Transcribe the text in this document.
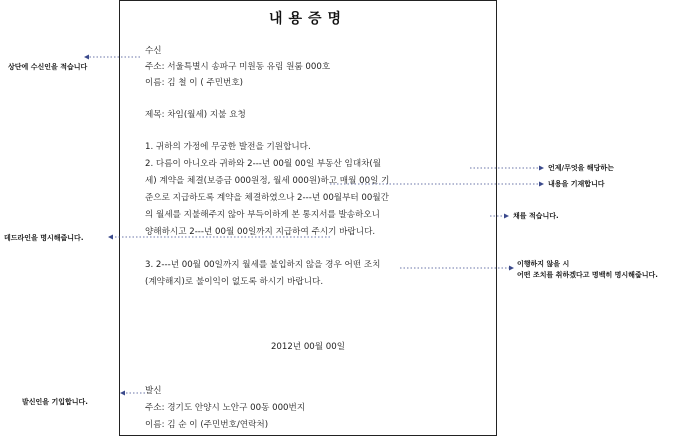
내용증명
수신
주소: 서울특별시 송파구 미원동 유림 원룸 000호
이름: 김 철 이 ( 주민번호)
제목: 차임(월세) 지불 요청
1. 귀하의 가정에 무궁한 발전을 기원합니다.
2. 다름이 아니오라 귀하와 2---년 00월 00일 부동산 임대차(월
세) 계약을 체결(보증금 000원정, 월세 000원)하고 매월 00일 기
준으로 지급하도록 계약을 체결하였으나 2---년 00월부터 00월간
의 월세를 지불해주지 않아 부득이하게 본 통지서를 발송하오니
양해하시고 2---년 00월 00일까지 지급하여 주시기 바랍니다.
3. 2---년 00월 00일까지 월세를 불입하지 않을 경우 어떤 조치
(계약해지)로 불이익이 없도록 하시기 바랍니다.
2012년 00월 00일
발신
주소: 경기도 안양시 노안구 00동 000번지
이름: 김 순 이 (주민번호/연락처)
상단에 수신인을 적습니다
언제/무엇을 해당하는
내용을 기재합니다
채를 적습니다.
데드라인을 명시해줍니다.
이행하지 않을 시
어떤 조치를 취하겠다고 명백히 명시해줍니다.
발신인을 기입합니다.
